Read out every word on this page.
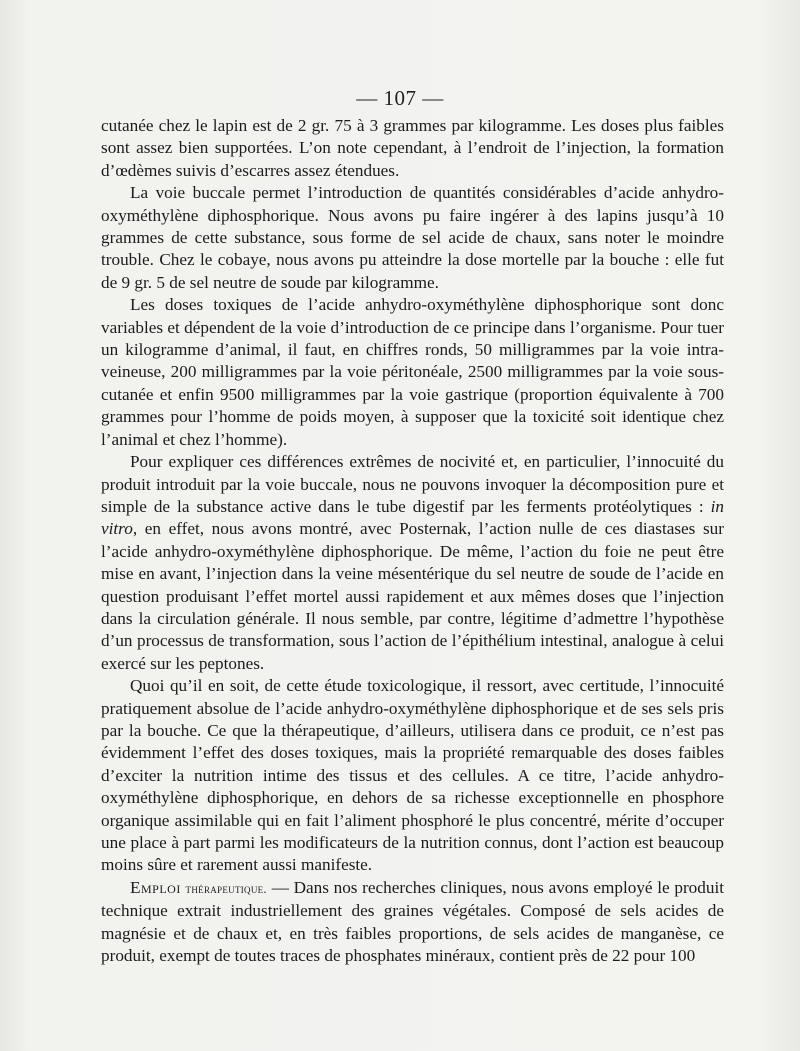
— 107 —

cutanée chez le lapin est de 2 gr. 75 à 3 grammes par kilogramme. Les doses plus faibles sont assez bien supportées. L’on note cependant, à l’endroit de l’injection, la formation d’œdèmes suivis d’escarres assez étendues.

La voie buccale permet l’introduction de quantités considérables d’acide anhydro-oxyméthylène diphosphorique. Nous avons pu faire ingérer à des lapins jusqu’à 10 grammes de cette substance, sous forme de sel acide de chaux, sans noter le moindre trouble. Chez le cobaye, nous avons pu atteindre la dose mortelle par la bouche : elle fut de 9 gr. 5 de sel neutre de soude par kilogramme.

Les doses toxiques de l’acide anhydro-oxyméthylène diphosphorique sont donc variables et dépendent de la voie d’introduction de ce principe dans l’organisme. Pour tuer un kilogramme d’animal, il faut, en chiffres ronds, 50 milligrammes par la voie intra-veineuse, 200 milligrammes par la voie péritonéale, 2500 milligrammes par la voie sous-cutanée et enfin 9500 milligrammes par la voie gastrique (proportion équivalente à 700 grammes pour l’homme de poids moyen, à supposer que la toxicité soit identique chez l’animal et chez l’homme).

Pour expliquer ces différences extrêmes de nocivité et, en particulier, l’innocuité du produit introduit par la voie buccale, nous ne pouvons invoquer la décomposition pure et simple de la substance active dans le tube digestif par les ferments protéolytiques : in vitro, en effet, nous avons montré, avec Posternak, l’action nulle de ces diastases sur l’acide anhydro-oxyméthylène diphosphorique. De même, l’action du foie ne peut être mise en avant, l’injection dans la veine mésentérique du sel neutre de soude de l’acide en question produisant l’effet mortel aussi rapidement et aux mêmes doses que l’injection dans la circulation générale. Il nous semble, par contre, légitime d’admettre l’hypothèse d’un processus de transformation, sous l’action de l’épithélium intestinal, analogue à celui exercé sur les peptones.

Quoi qu’il en soit, de cette étude toxicologique, il ressort, avec certitude, l’innocuité pratiquement absolue de l’acide anhydro-oxyméthylène diphosphorique et de ses sels pris par la bouche. Ce que la thérapeutique, d’ailleurs, utilisera dans ce produit, ce n’est pas évidemment l’effet des doses toxiques, mais la propriété remarquable des doses faibles d’exciter la nutrition intime des tissus et des cellules. A ce titre, l’acide anhydro-oxyméthylène diphosphorique, en dehors de sa richesse exceptionnelle en phosphore organique assimilable qui en fait l’aliment phosphoré le plus concentré, mérite d’occuper une place à part parmi les modificateurs de la nutrition connus, dont l’action est beaucoup moins sûre et rarement aussi manifeste.

Emploi thérapeutique. — Dans nos recherches cliniques, nous avons employé le produit technique extrait industriellement des graines végétales. Composé de sels acides de magnésie et de chaux et, en très faibles proportions, de sels acides de manganèse, ce produit, exempt de toutes traces de phosphates minéraux, contient près de 22 pour 100
